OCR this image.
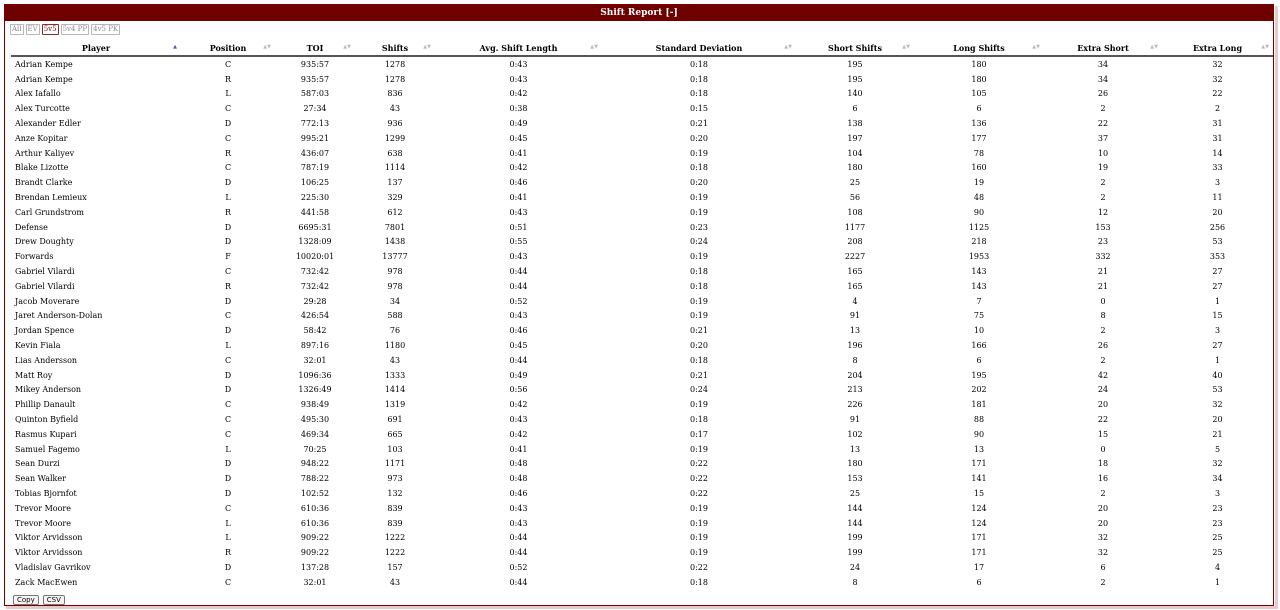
Shift Report [-]
All EV 5v5 5v4 PP 4v5 PK
Player ▲	Position ▲▼	TOI ▲▼	Shifts ▲▼	Avg. Shift Length ▲▼	Standard Deviation ▲▼	Short Shifts ▲▼	Long Shifts ▲▼	Extra Short ▲▼	Extra Long ▲▼

Adrian Kempe	C	935:57	1278	0:43	0:18	195	180	34	32
Adrian Kempe	R	935:57	1278	0:43	0:18	195	180	34	32
Alex Iafallo	L	587:03	836	0:42	0:18	140	105	26	22
Alex Turcotte	C	27:34	43	0:38	0:15	6	6	2	2
Alexander Edler	D	772:13	936	0:49	0:21	138	136	22	31
Anze Kopitar	C	995:21	1299	0:45	0:20	197	177	37	31
Arthur Kaliyev	R	436:07	638	0:41	0:19	104	78	10	14
Blake Lizotte	C	787:19	1114	0:42	0:18	180	160	19	33
Brandt Clarke	D	106:25	137	0:46	0:20	25	19	2	3
Brendan Lemieux	L	225:30	329	0:41	0:19	56	48	2	11
Carl Grundstrom	R	441:58	612	0:43	0:19	108	90	12	20
Defense	D	6695:31	7801	0:51	0:23	1177	1125	153	256
Drew Doughty	D	1328:09	1438	0:55	0:24	208	218	23	53
Forwards	F	10020:01	13777	0:43	0:19	2227	1953	332	353
Gabriel Vilardi	C	732:42	978	0:44	0:18	165	143	21	27
Gabriel Vilardi	R	732:42	978	0:44	0:18	165	143	21	27
Jacob Moverare	D	29:28	34	0:52	0:19	4	7	0	1
Jaret Anderson-Dolan	C	426:54	588	0:43	0:19	91	75	8	15
Jordan Spence	D	58:42	76	0:46	0:21	13	10	2	3
Kevin Fiala	L	897:16	1180	0:45	0:20	196	166	26	27
Lias Andersson	C	32:01	43	0:44	0:18	8	6	2	1
Matt Roy	D	1096:36	1333	0:49	0:21	204	195	42	40
Mikey Anderson	D	1326:49	1414	0:56	0:24	213	202	24	53
Phillip Danault	C	938:49	1319	0:42	0:19	226	181	20	32
Quinton Byfield	C	495:30	691	0:43	0:18	91	88	22	20
Rasmus Kupari	C	469:34	665	0:42	0:17	102	90	15	21
Samuel Fagemo	L	70:25	103	0:41	0:19	13	13	0	5
Sean Durzi	D	948:22	1171	0:48	0:22	180	171	18	32
Sean Walker	D	788:22	973	0:48	0:22	153	141	16	34
Tobias Bjornfot	D	102:52	132	0:46	0:22	25	15	2	3
Trevor Moore	C	610:36	839	0:43	0:19	144	124	20	23
Trevor Moore	L	610:36	839	0:43	0:19	144	124	20	23
Viktor Arvidsson	L	909:22	1222	0:44	0:19	199	171	32	25
Viktor Arvidsson	R	909:22	1222	0:44	0:19	199	171	32	25
Vladislav Gavrikov	D	137:28	157	0:52	0:22	24	17	6	4
Zack MacEwen	C	32:01	43	0:44	0:18	8	6	2	1
Copy	CSV
